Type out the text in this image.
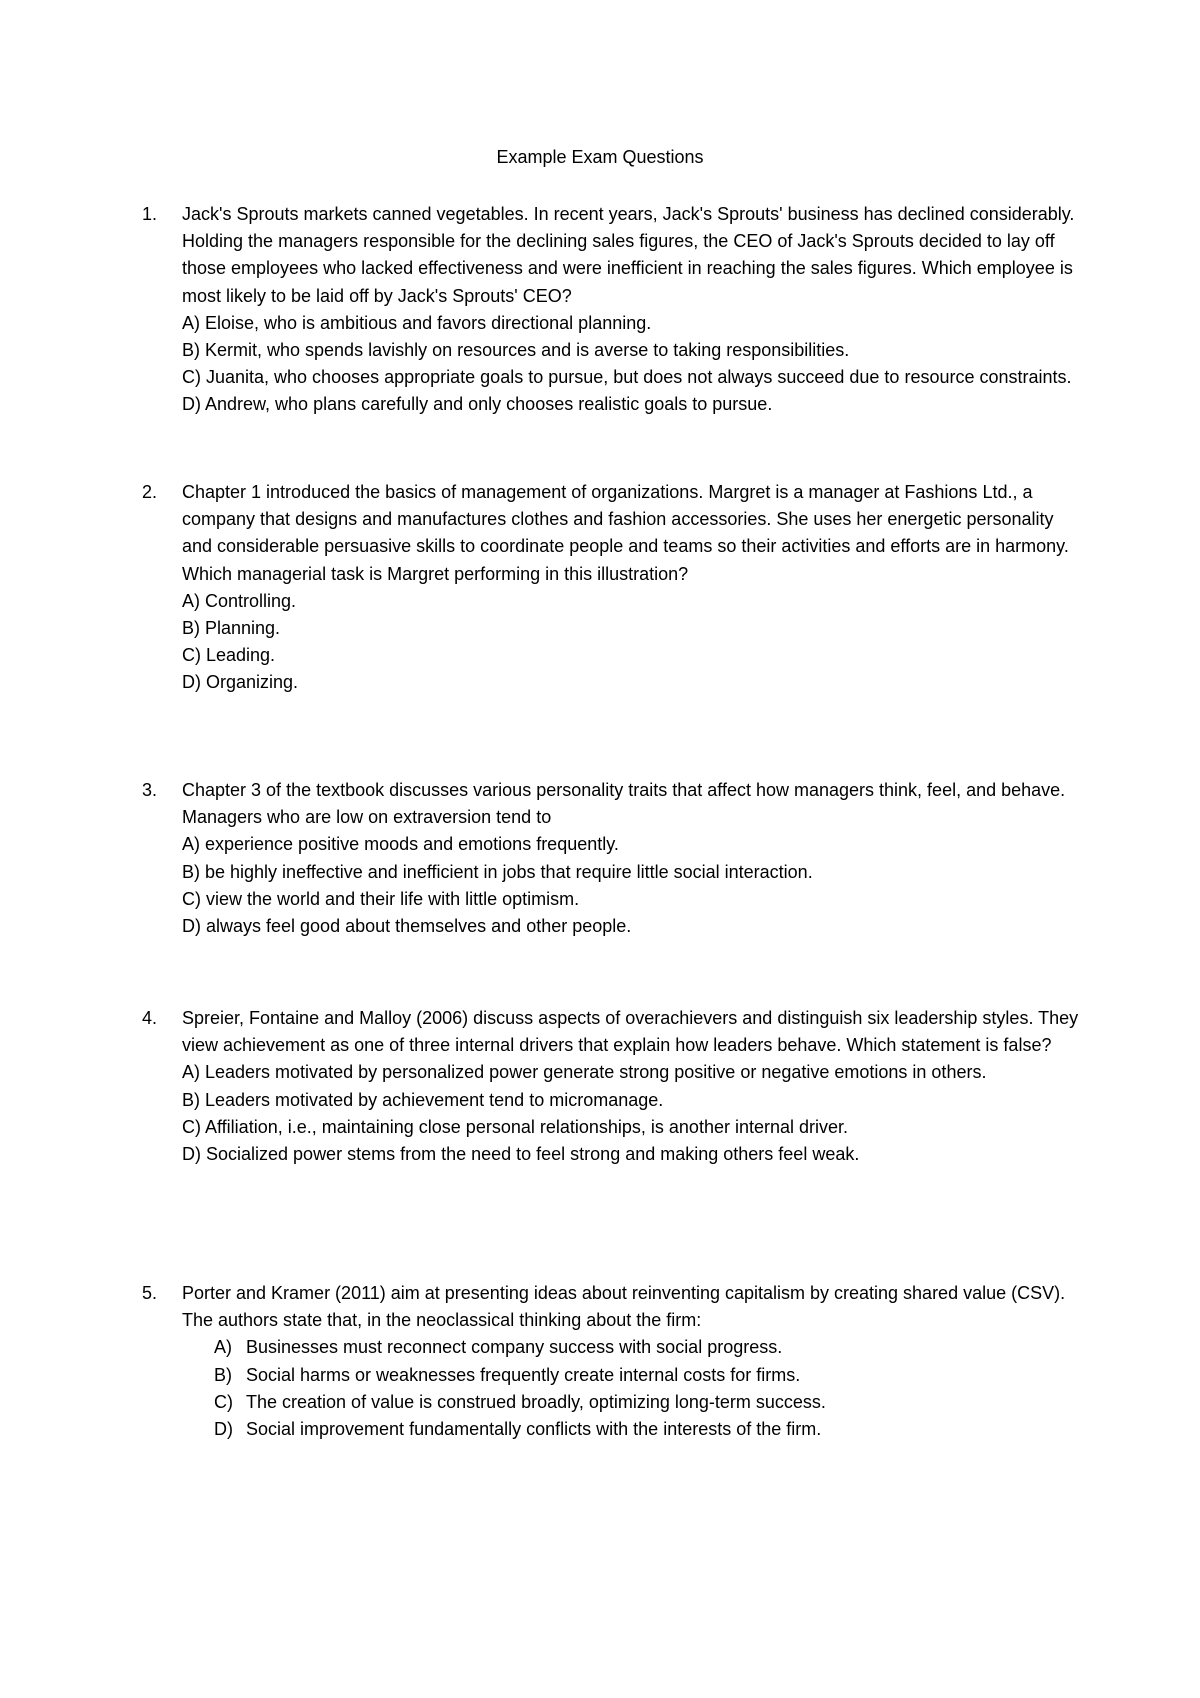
Example Exam Questions
1.	Jack's Sprouts markets canned vegetables. In recent years, Jack's Sprouts' business has declined considerably. Holding the managers responsible for the declining sales figures, the CEO of Jack's Sprouts decided to lay off those employees who lacked effectiveness and were inefficient in reaching the sales figures. Which employee is most likely to be laid off by Jack's Sprouts' CEO?

A) Eloise, who is ambitious and favors directional planning.
B) Kermit, who spends lavishly on resources and is averse to taking responsibilities.
C) Juanita, who chooses appropriate goals to pursue, but does not always succeed due to resource constraints.
D) Andrew, who plans carefully and only chooses realistic goals to pursue.
2.	Chapter 1 introduced the basics of management of organizations. Margret is a manager at Fashions Ltd., a company that designs and manufactures clothes and fashion accessories. She uses her energetic personality and considerable persuasive skills to coordinate people and teams so their activities and efforts are in harmony. Which managerial task is Margret performing in this illustration?

A) Controlling.
B) Planning.
C) Leading.
D) Organizing.
3.	Chapter 3 of the textbook discusses various personality traits that affect how managers think, feel, and behave. Managers who are low on extraversion tend to

A) experience positive moods and emotions frequently.
B) be highly ineffective and inefficient in jobs that require little social interaction.
C) view the world and their life with little optimism.
D) always feel good about themselves and other people.
4.	Spreier, Fontaine and Malloy (2006) discuss aspects of overachievers and distinguish six leadership styles. They view achievement as one of three internal drivers that explain how leaders behave. Which statement is false?

A) Leaders motivated by personalized power generate strong positive or negative emotions in others.
B) Leaders motivated by achievement tend to micromanage.
C) Affiliation, i.e., maintaining close personal relationships, is another internal driver.
D) Socialized power stems from the need to feel strong and making others feel weak.
5.	Porter and Kramer (2011) aim at presenting ideas about reinventing capitalism by creating shared value (CSV). The authors state that, in the neoclassical thinking about the firm:

A) Businesses must reconnect company success with social progress.
B) Social harms or weaknesses frequently create internal costs for firms.
C) The creation of value is construed broadly, optimizing long-term success.
D) Social improvement fundamentally conflicts with the interests of the firm.
